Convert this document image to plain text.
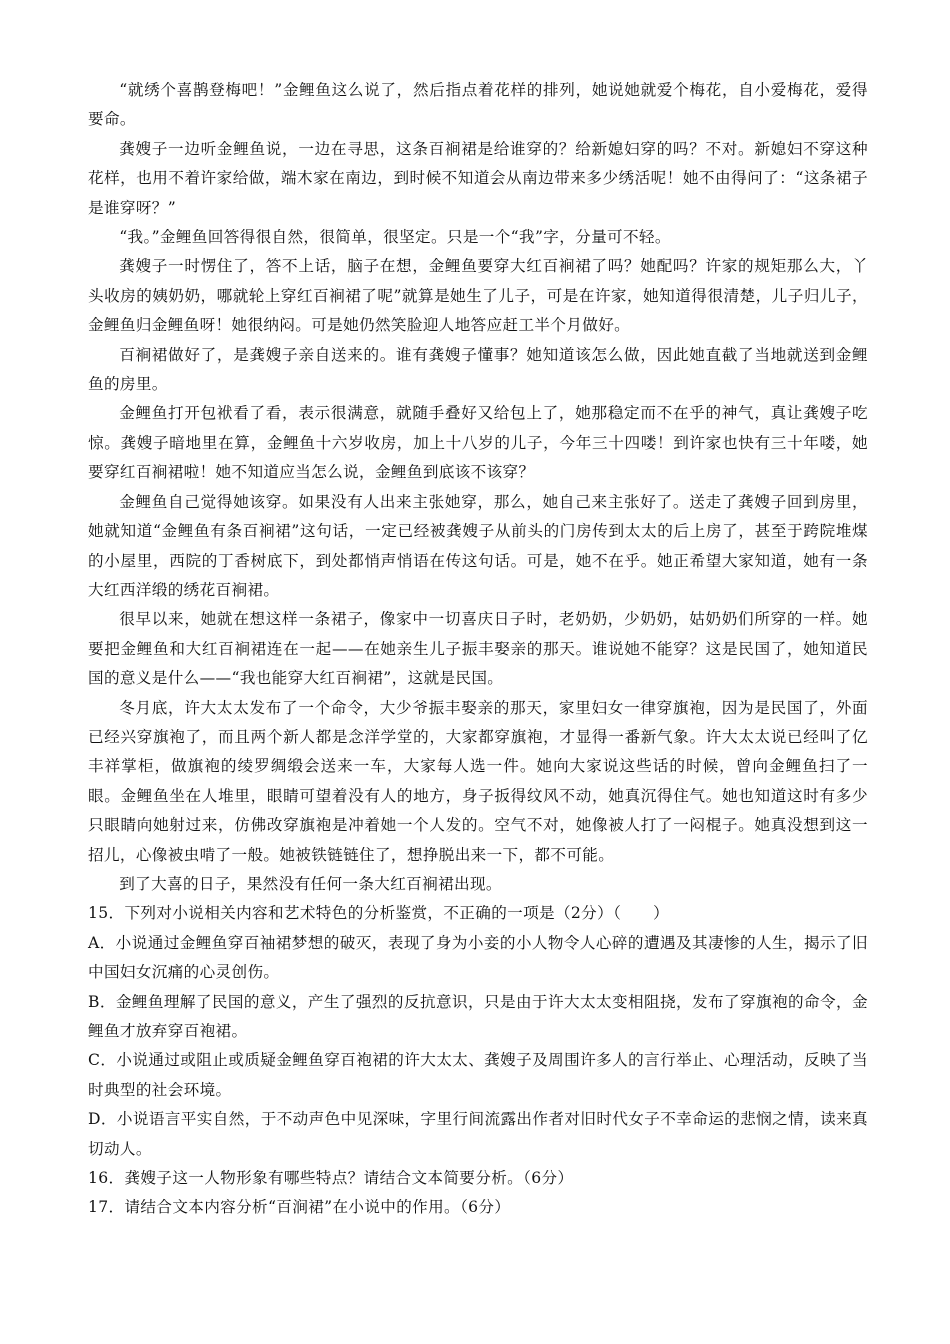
“就绣个喜鹊登梅吧！”金鲤鱼这么说了，然后指点着花样的排列，她说她就爱个梅花，自小爱梅花，爱得要命。

龚嫂子一边听金鲤鱼说，一边在寻思，这条百裥裙是给谁穿的？给新媳妇穿的吗？不对。新媳妇不穿这种花样，也用不着许家给做，端木家在南边，到时候不知道会从南边带来多少绣活呢！她不由得问了：“这条裙子是谁穿呀？”

“我。”金鲤鱼回答得很自然，很简单，很坚定。只是一个“我”字，分量可不轻。

龚嫂子一时愣住了，答不上话，脑子在想，金鲤鱼要穿大红百裥裙了吗？她配吗？许家的规矩那么大，丫头收房的姨奶奶，哪就轮上穿红百裥裙了呢”就算是她生了儿子，可是在许家，她知道得很清楚，儿子归儿子，金鲤鱼归金鲤鱼呀！她很纳闷。可是她仍然笑脸迎人地答应赶工半个月做好。

百裥裙做好了，是龚嫂子亲自送来的。谁有龚嫂子懂事？她知道该怎么做，因此她直截了当地就送到金鲤鱼的房里。

金鲤鱼打开包袱看了看，表示很满意，就随手叠好又给包上了，她那稳定而不在乎的神气，真让龚嫂子吃惊。龚嫂子暗地里在算，金鲤鱼十六岁收房，加上十八岁的儿子，今年三十四喽！到许家也快有三十年喽，她要穿红百裥裙啦！她不知道应当怎么说，金鲤鱼到底该不该穿？

金鲤鱼自己觉得她该穿。如果没有人出来主张她穿，那么，她自己来主张好了。送走了龚嫂子回到房里，她就知道“金鲤鱼有条百裥裙”这句话，一定已经被龚嫂子从前头的门房传到太太的后上房了，甚至于跨院堆煤的小屋里，西院的丁香树底下，到处都悄声悄语在传这句话。可是，她不在乎。她正希望大家知道，她有一条大红西洋缎的绣花百裥裙。

很早以来，她就在想这样一条裙子，像家中一切喜庆日子时，老奶奶，少奶奶，姑奶奶们所穿的一样。她要把金鲤鱼和大红百裥裙连在一起——在她亲生儿子振丰娶亲的那天。谁说她不能穿？这是民国了，她知道民国的意义是什么——“我也能穿大红百裥裙”，这就是民国。

冬月底，许大太太发布了一个命令，大少爷振丰娶亲的那天，家里妇女一律穿旗袍，因为是民国了，外面已经兴穿旗袍了，而且两个新人都是念洋学堂的，大家都穿旗袍，才显得一番新气象。许大太太说已经叫了亿丰祥掌柜，做旗袍的绫罗绸缎会送来一车，大家每人选一件。她向大家说这些话的时候，曾向金鲤鱼扫了一眼。金鲤鱼坐在人堆里，眼睛可望着没有人的地方，身子扳得纹风不动，她真沉得住气。她也知道这时有多少只眼睛向她射过来，仿佛改穿旗袍是冲着她一个人发的。空气不对，她像被人打了一闷棍子。她真没想到这一招儿，心像被虫啃了一般。她被铁链链住了，想挣脱出来一下，都不可能。

到了大喜的日子，果然没有任何一条大红百裥裙出现。

15．下列对小说相关内容和艺术特色的分析鉴赏，不正确的一项是（2分）（　　）

A．小说通过金鲤鱼穿百袖裙梦想的破灭，表现了身为小妾的小人物令人心碎的遭遇及其凄惨的人生，揭示了旧中国妇女沉痛的心灵创伤。

B．金鲤鱼理解了民国的意义，产生了强烈的反抗意识，只是由于许大太太变相阻挠，发布了穿旗袍的命令，金鲤鱼才放弃穿百袍裙。

C．小说通过或阻止或质疑金鲤鱼穿百袍裙的许大太太、龚嫂子及周围许多人的言行举止、心理活动，反映了当时典型的社会环境。

D．小说语言平实自然，于不动声色中见深味，字里行间流露出作者对旧时代女子不幸命运的悲悯之情，读来真切动人。

16．龚嫂子这一人物形象有哪些特点？请结合文本简要分析。（6分）

17．请结合文本内容分析“百涧裙”在小说中的作用。（6分）
